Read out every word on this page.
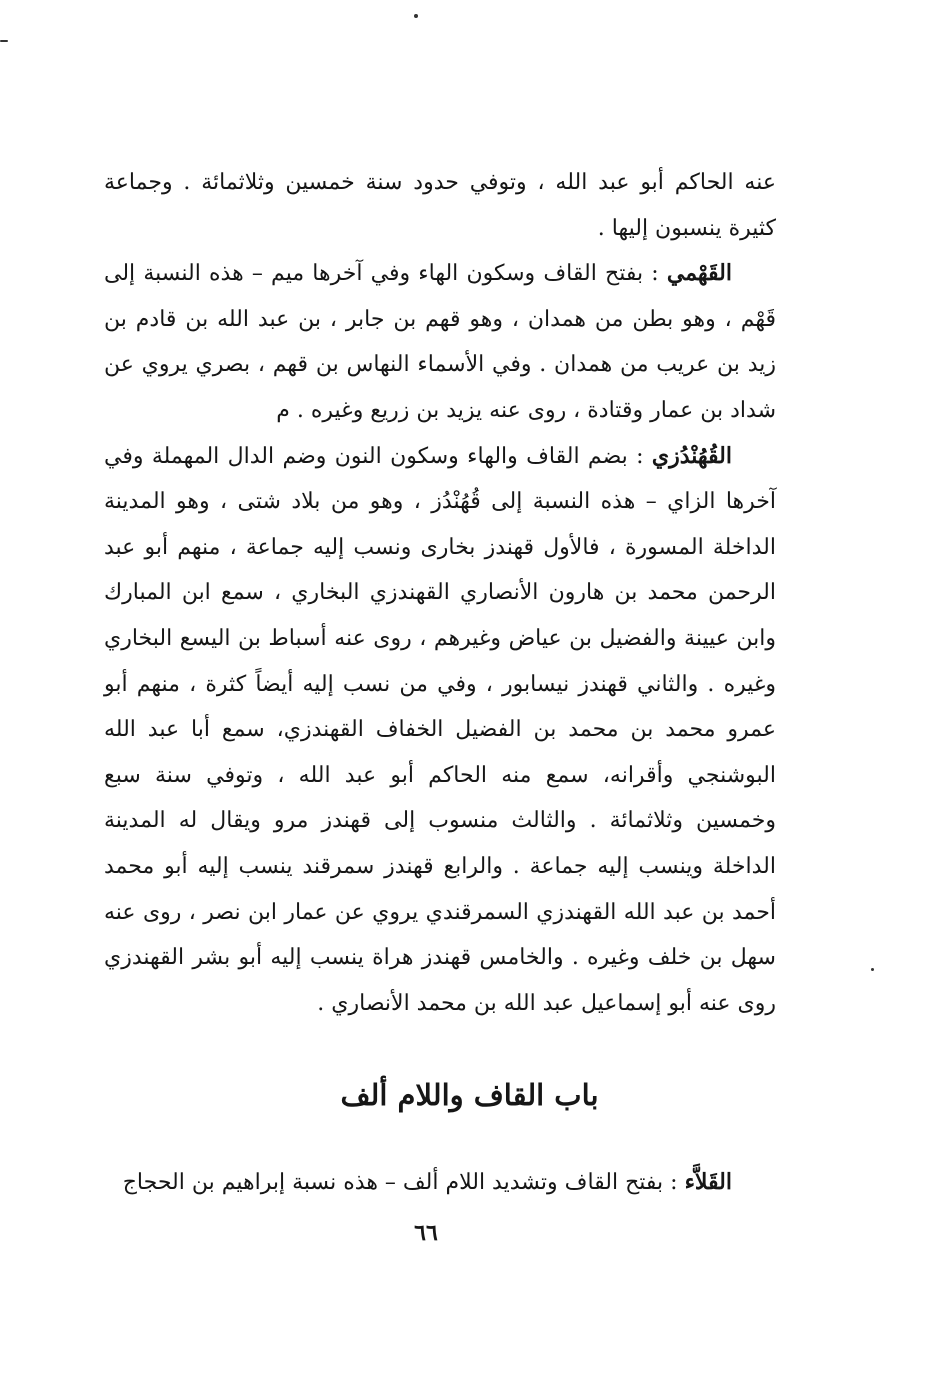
عنه الحاكم أبو عبد الله ، وتوفي حدود سنة خمسين وثلاثمائة . وجماعة كثيرة ينسبون إليها .

القَهْمي : بفتح القاف وسكون الهاء وفي آخرها ميم – هذه النسبة إلى قَهْم ، وهو بطن من همدان ، وهو قهم بن جابر ، بن عبد الله بن قادم بن زيد بن عريب من همدان . وفي الأسماء النهاس بن قهم ، بصري يروي عن شداد بن عمار وقتادة ، روى عنه يزيد بن زريع وغيره . م

القُهُنْدُزي : بضم القاف والهاء وسكون النون وضم الدال المهملة وفي آخرها الزاي – هذه النسبة إلى قُهُنْدُز ، وهو من بلاد شتى ، وهو المدينة الداخلة المسورة ، فالأول قهندز بخارى ونسب إليه جماعة ، منهم أبو عبد الرحمن محمد بن هارون الأنصاري القهندزي البخاري ، سمع ابن المبارك وابن عيينة والفضيل بن عياض وغيرهم ، روى عنه أسباط بن اليسع البخاري وغيره . والثاني قهندز نيسابور ، وفي من نسب إليه أيضاً كثرة ، منهم أبو عمرو محمد بن محمد بن الفضيل الخفاف القهندزي، سمع أبا عبد الله البوشنجي وأقرانه، سمع منه الحاكم أبو عبد الله ، وتوفي سنة سبع وخمسين وثلاثمائة . والثالث منسوب إلى قهندز مرو ويقال له المدينة الداخلة وينسب إليه جماعة . والرابع قهندز سمرقند ينسب إليه أبو محمد أحمد بن عبد الله القهندزي السمرقندي يروي عن عمار ابن نصر ، روى عنه سهل بن خلف وغيره . والخامس قهندز هراة ينسب إليه أبو بشر القهندزي روى عنه أبو إسماعيل عبد الله بن محمد الأنصاري .

باب القاف واللام ألف
القَلاَّء : بفتح القاف وتشديد اللام ألف – هذه نسبة إبراهيم بن الحجاج
٦٦
